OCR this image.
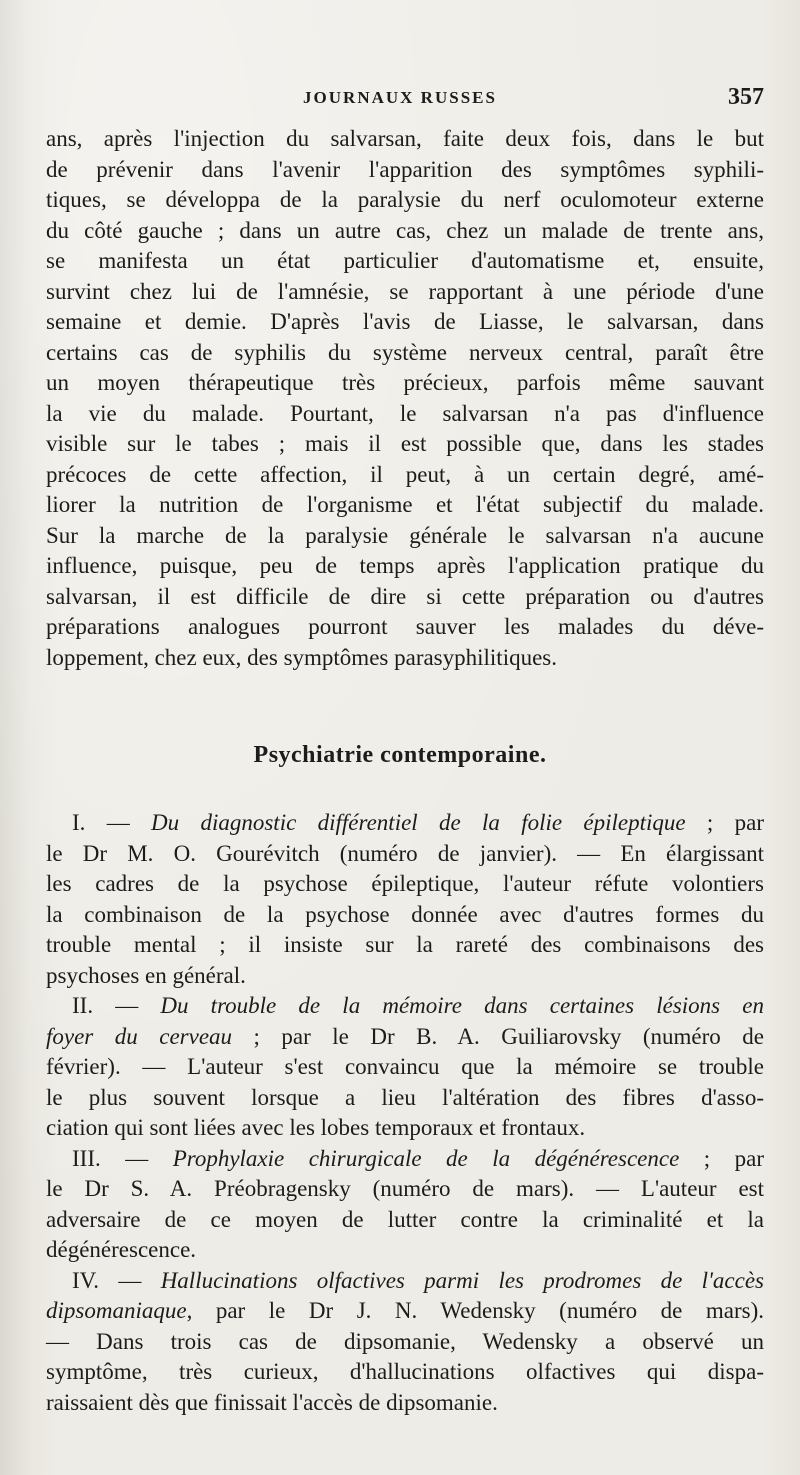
JOURNAUX RUSSES	357
ans, après l'injection du salvarsan, faite deux fois, dans le but
de prévenir dans l'avenir l'apparition des symptômes syphili-
tiques, se développa de la paralysie du nerf oculomoteur externe
du côté gauche ; dans un autre cas, chez un malade de trente ans,
se manifesta un état particulier d'automatisme et, ensuite,
survint chez lui de l'amnésie, se rapportant à une période d'une
semaine et demie. D'après l'avis de Liasse, le salvarsan, dans
certains cas de syphilis du système nerveux central, paraît être
un moyen thérapeutique très précieux, parfois même sauvant
la vie du malade. Pourtant, le salvarsan n'a pas d'influence
visible sur le tabes ; mais il est possible que, dans les stades
précoces de cette affection, il peut, à un certain degré, amé-
liorer la nutrition de l'organisme et l'état subjectif du malade.
Sur la marche de la paralysie générale le salvarsan n'a aucune
influence, puisque, peu de temps après l'application pratique du
salvarsan, il est difficile de dire si cette préparation ou d'autres
préparations analogues pourront sauver les malades du déve-
loppement, chez eux, des symptômes parasyphilitiques.
Psychiatrie contemporaine.
I. — Du diagnostic différentiel de la folie épileptique ; par
le Dr M. O. Gourévitch (numéro de janvier). — En élargissant
les cadres de la psychose épileptique, l'auteur réfute volontiers
la combinaison de la psychose donnée avec d'autres formes du
trouble mental ; il insiste sur la rareté des combinaisons des
psychoses en général.
II. — Du trouble de la mémoire dans certaines lésions en
foyer du cerveau ; par le Dr B. A. Guiliarovsky (numéro de
février). — L'auteur s'est convaincu que la mémoire se trouble
le plus souvent lorsque a lieu l'altération des fibres d'asso-
ciation qui sont liées avec les lobes temporaux et frontaux.
III. — Prophylaxie chirurgicale de la dégénérescence ; par
le Dr S. A. Préobragensky (numéro de mars). — L'auteur est
adversaire de ce moyen de lutter contre la criminalité et la
dégénérescence.
IV. — Hallucinations olfactives parmi les prodromes de l'accès
dipsomaniaque, par le Dr J. N. Wedensky (numéro de mars).
— Dans trois cas de dipsomanie, Wedensky a observé un
symptôme, très curieux, d'hallucinations olfactives qui dispa-
raissaient dès que finissait l'accès de dipsomanie.
